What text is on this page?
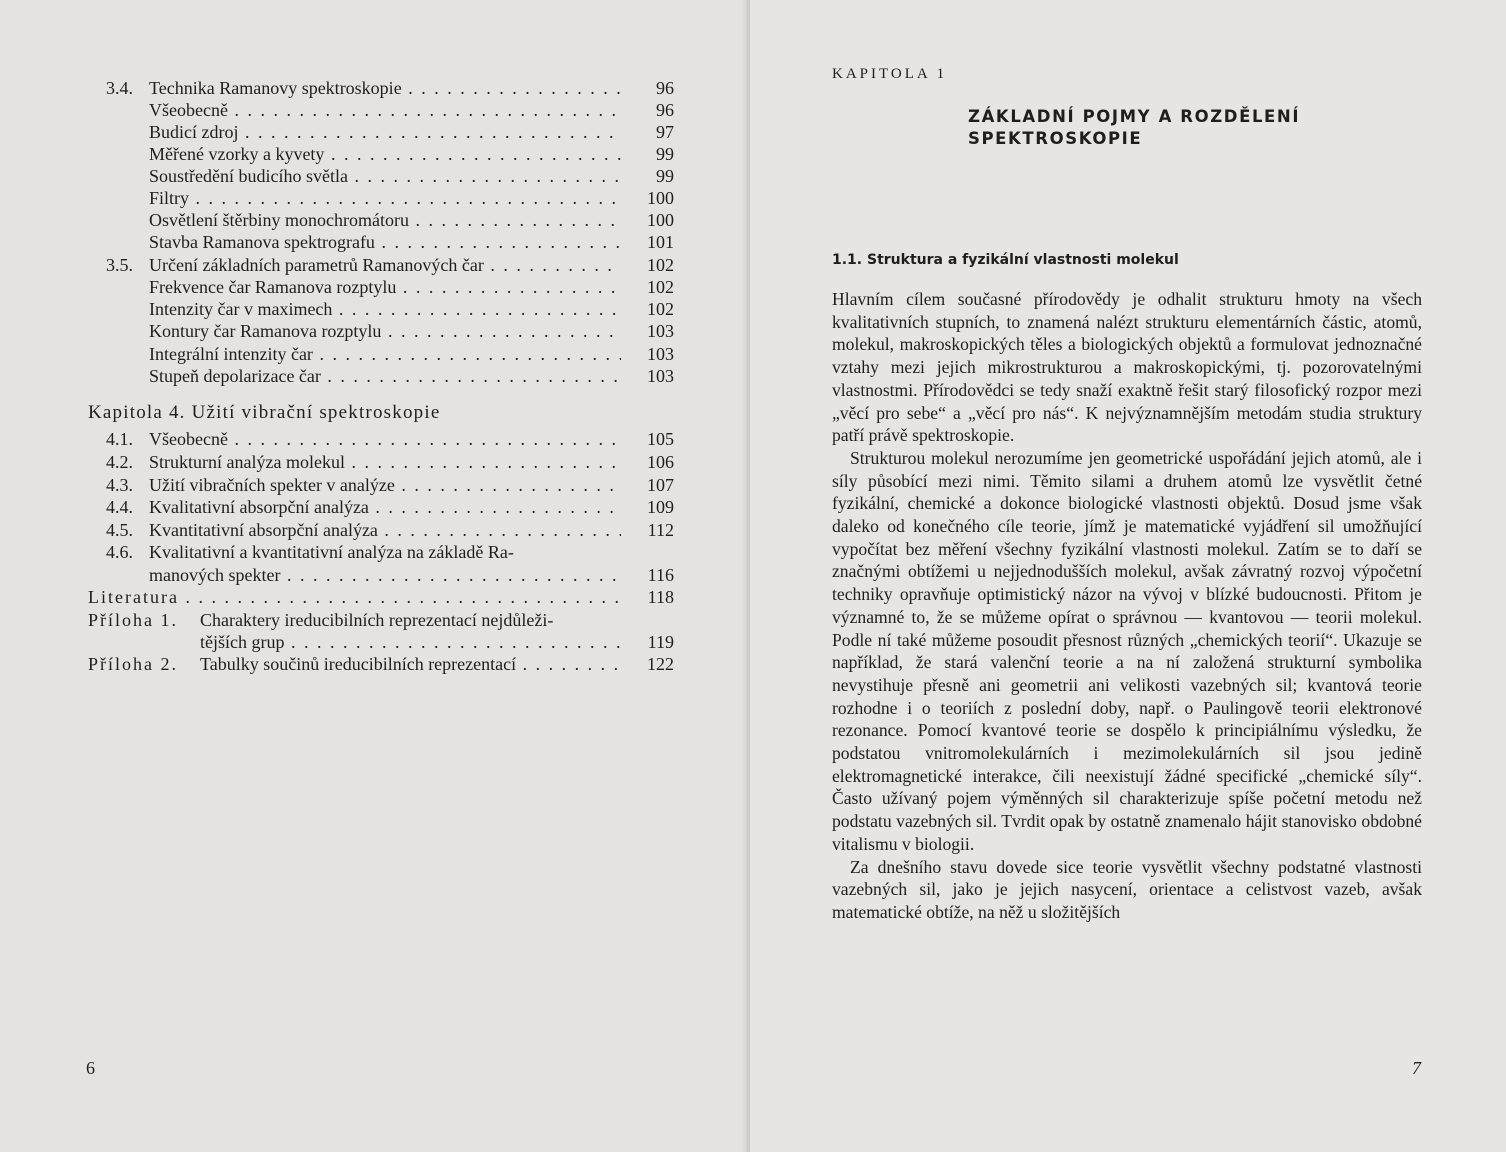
3.4. Technika Ramanovy spektroskopie . . .	96
Všeobecně . . .	96
Budicí zdroj . . .	97
Měřené vzorky a kyvety . . .	99
Soustředění budicího světla . . .	99
Filtry . . .	100
Osvětlení štěrbiny monochromátoru . . .	100
Stavba Ramanova spektrografu . . .	101
3.5. Určení základních parametrů Ramanových čar . . .	102
Frekvence čar Ramanova rozptylu . . .	102
Intenzity čar v maximech . . .	102
Kontury čar Ramanova rozptylu . . .	103
Integrální intenzity čar . . .	103
Stupeň depolarizace čar . . .	103
Kapitola 4. Užití vibrační spektroskopie
4.1. Všeobecně . . .	105
4.2. Strukturní analýza molekul . . .	106
4.3. Užití vibračních spekter v analýze . . .	107
4.4. Kvalitativní absorpční analýza . . .	109
4.5. Kvantitativní absorpční analýza . . .	112
4.6. Kvalitativní a kvantitativní analýza na základě Ra-
manových spekter . . .	116
Literatura . . .	118
Příloha 1. Charaktery ireducibilních reprezentací nejdůleži-
tějších grup . . .	119
Příloha 2. Tabulky součinů ireducibilních reprezentací . . .	122
6
KAPITOLA 1
ZÁKLADNÍ POJMY A ROZDĚLENÍ
SPEKTROSKOPIE
1.1. Struktura a fyzikální vlastnosti molekul

Hlavním cílem současné přírodovědy je odhalit strukturu hmoty na všech kvalitativních stupních, to znamená nalézt strukturu elementárních částic, atomů, molekul, makroskopických těles a biologických objektů a formulovat jednoznačné vztahy mezi jejich mikrostrukturou a makroskopickými, tj. pozorovatelnými vlastnostmi. Přírodovědci se tedy snaží exaktně řešit starý filosofický rozpor mezi „věcí pro sebe“ a „věcí pro nás“. K nejvýznamnějším metodám studia struktury patří právě spektroskopie.

Strukturou molekul nerozumíme jen geometrické uspořádání jejich atomů, ale i síly působící mezi nimi. Těmito silami a druhem atomů lze vysvětlit četné fyzikální, chemické a dokonce biologické vlastnosti objektů. Dosud jsme však daleko od konečného cíle teorie, jímž je matematické vyjádření sil umožňující vypočítat bez měření všechny fyzikální vlastnosti molekul. Zatím se to daří se značnými obtížemi u nejjednodušších molekul, avšak závratný rozvoj výpočetní techniky opravňuje optimistický názor na vývoj v blízké budoucnosti. Přitom je významné to, že se můžeme opírat o správnou — kvantovou — teorii molekul. Podle ní také můžeme posoudit přesnost různých „chemických teorií“. Ukazuje se například, že stará valenční teorie a na ní založená strukturní symbolika nevystihuje přesně ani geometrii ani velikosti vazebných sil; kvantová teorie rozhodne i o teoriích z poslední doby, např. o Paulingově teorii elektronové rezonance. Pomocí kvantové teorie se dospělo k principiálnímu výsledku, že podstatou vnitromolekulárních i mezimolekulárních sil jsou jedině elektromagnetické interakce, čili neexistují žádné specifické „chemické síly“. Často užívaný pojem výměnných sil charakterizuje spíše početní metodu než podstatu vazebných sil. Tvrdit opak by ostatně znamenalo hájit stanovisko obdobné vitalismu v biologii.

Za dnešního stavu dovede sice teorie vysvětlit všechny podstatné vlastnosti vazebných sil, jako je jejich nasycení, orientace a celistvost vazeb, avšak matematické obtíže, na něž u složitějších

7
